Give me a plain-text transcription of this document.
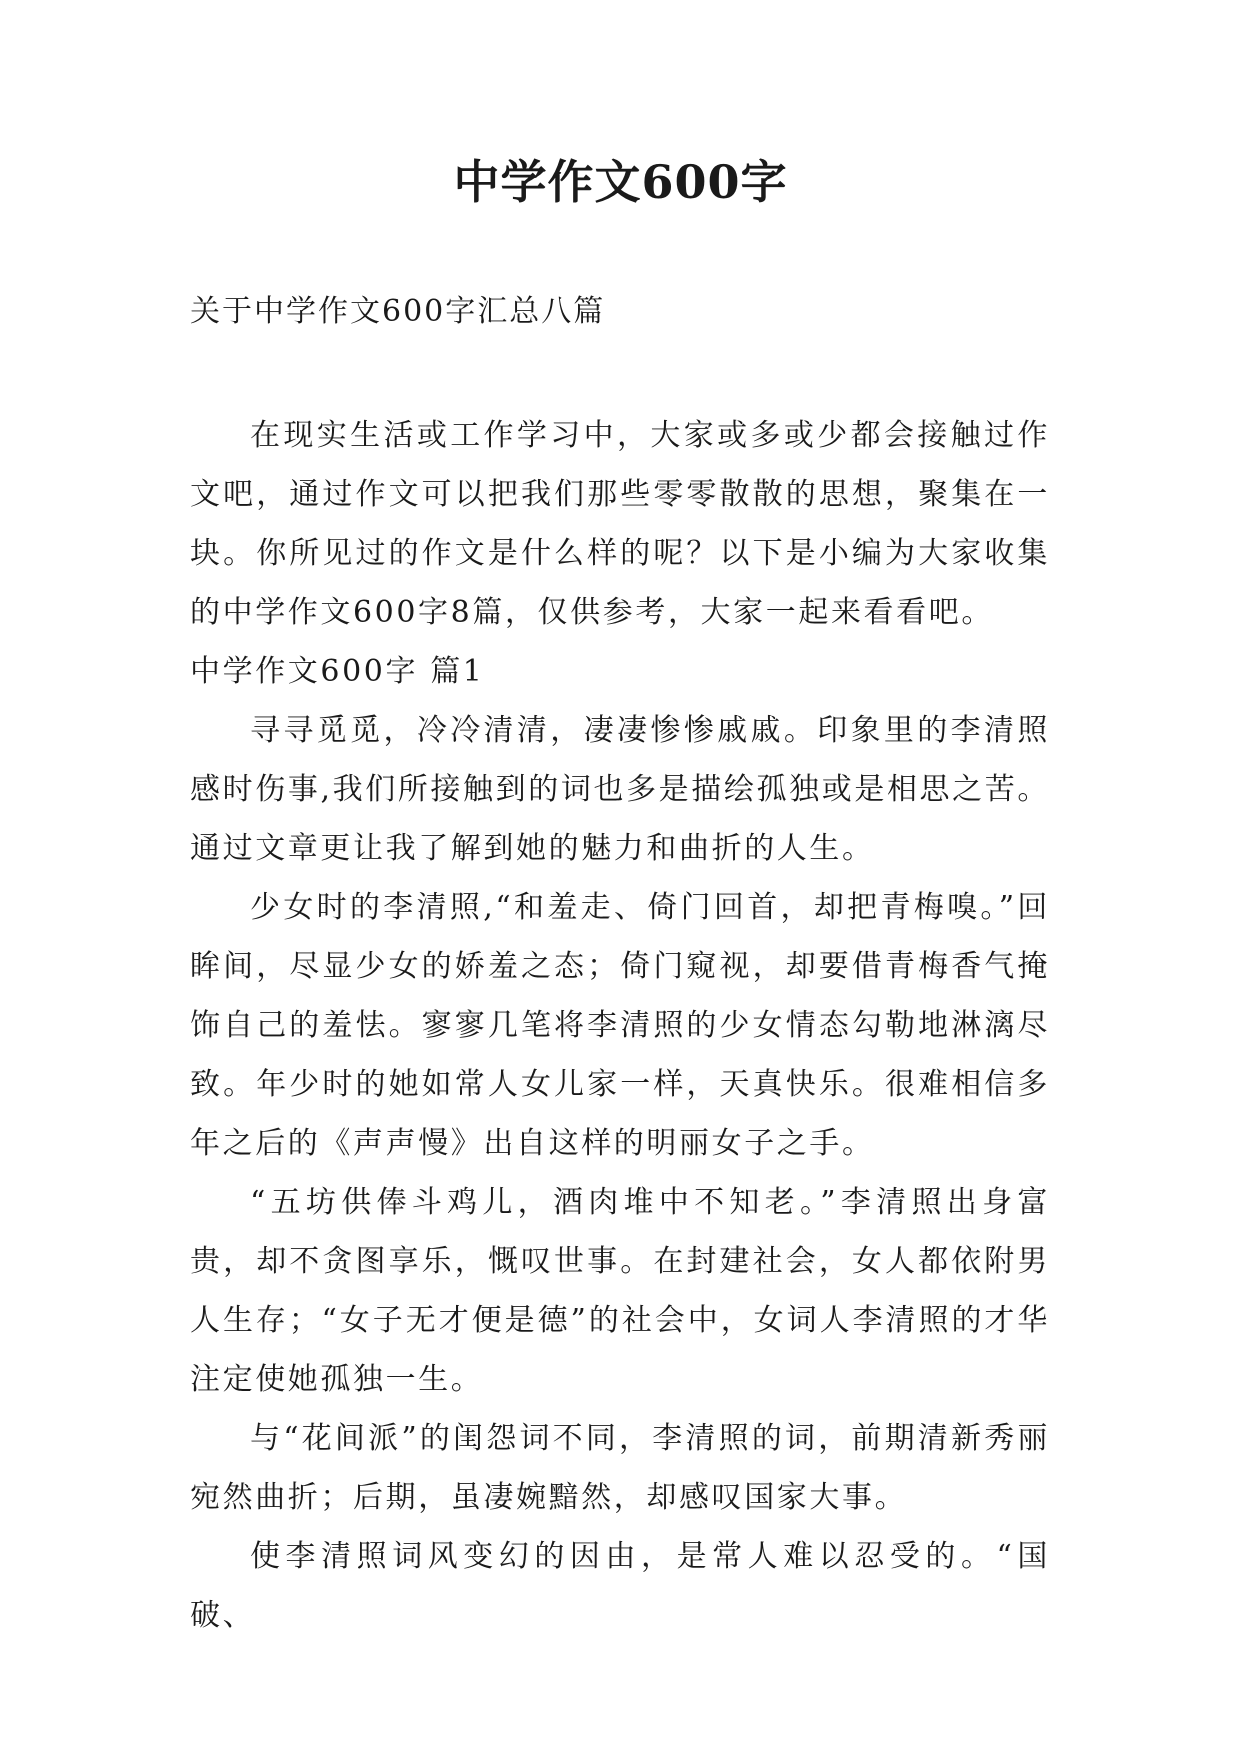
中学作文600字
关于中学作文600字汇总八篇

在现实生活或工作学习中，大家或多或少都会接触过作文吧，通过作文可以把我们那些零零散散的思想，聚集在一块。你所见过的作文是什么样的呢？以下是小编为大家收集的中学作文600字8篇，仅供参考，大家一起来看看吧。

中学作文600字 篇1

寻寻觅觅，冷冷清清，凄凄惨惨戚戚。印象里的李清照感时伤事,我们所接触到的词也多是描绘孤独或是相思之苦。通过文章更让我了解到她的魅力和曲折的人生。

少女时的李清照,“和羞走、倚门回首，却把青梅嗅。”回眸间，尽显少女的娇羞之态；倚门窥视，却要借青梅香气掩饰自己的羞怯。寥寥几笔将李清照的少女情态勾勒地淋漓尽致。年少时的她如常人女儿家一样，天真快乐。很难相信多年之后的《声声慢》出自这样的明丽女子之手。

“五坊供俸斗鸡儿，酒肉堆中不知老。”李清照出身富贵，却不贪图享乐，慨叹世事。在封建社会，女人都依附男人生存；“女子无才便是德”的社会中，女词人李清照的才华注定使她孤独一生。

与“花间派”的闺怨词不同，李清照的词，前期清新秀丽宛然曲折；后期，虽凄婉黯然，却感叹国家大事。

使李清照词风变幻的因由，是常人难以忍受的。“国破、
